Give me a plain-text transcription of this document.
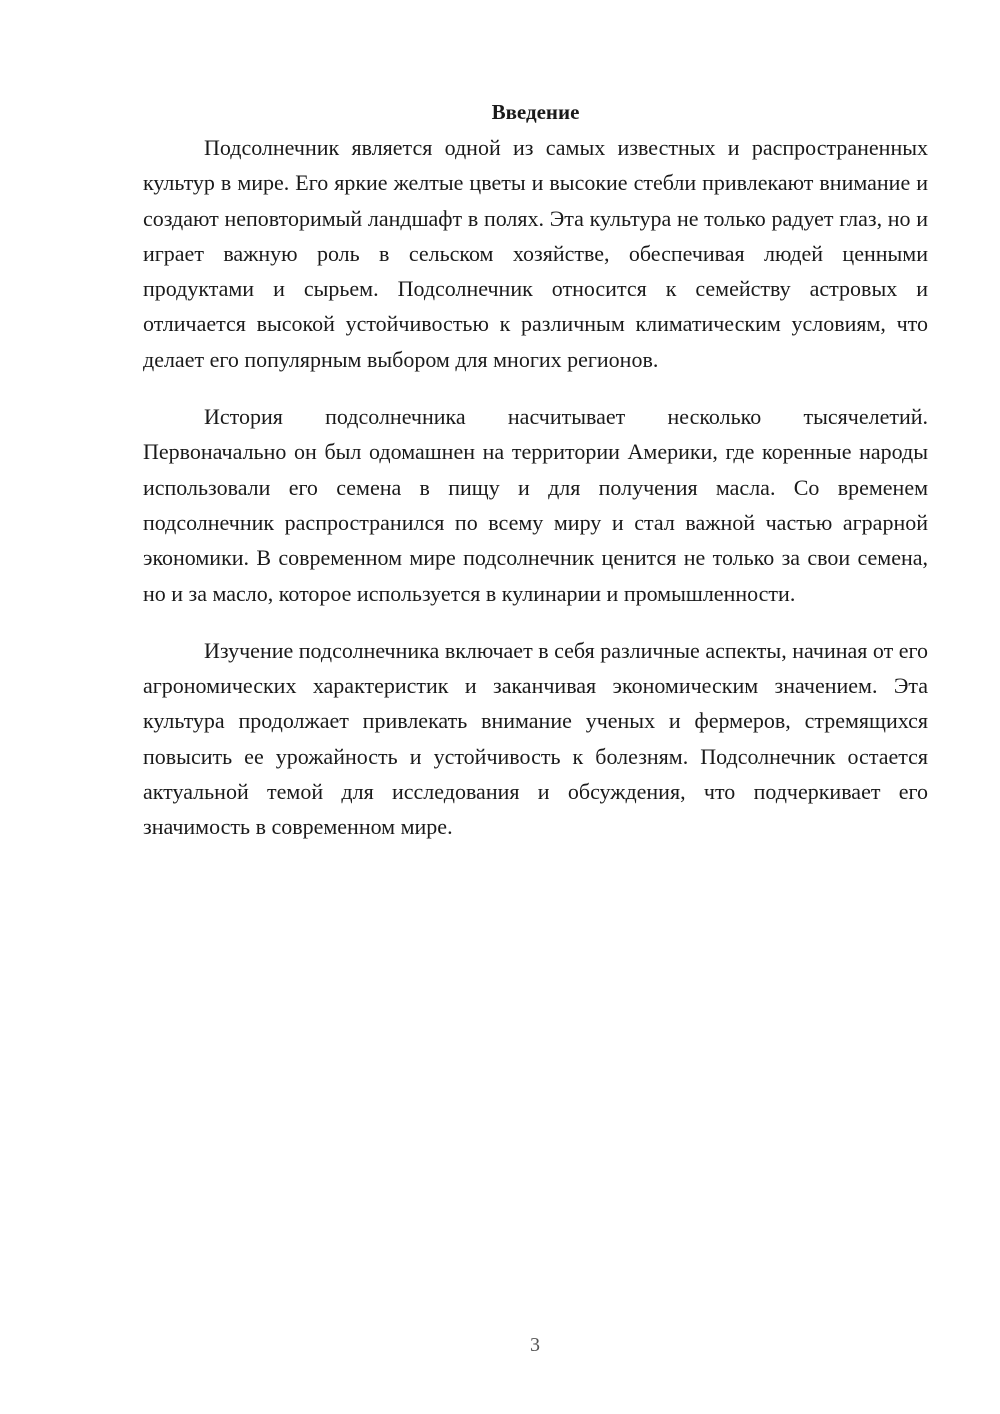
Введение

Подсолнечник является одной из самых известных и распространенных культур в мире. Его яркие желтые цветы и высокие стебли привлекают внимание и создают неповторимый ландшафт в полях. Эта культура не только радует глаз, но и играет важную роль в сельском хозяйстве, обеспечивая людей ценными продуктами и сырьем. Подсолнечник относится к семейству астровых и отличается высокой устойчивостью к различным климатическим условиям, что делает его популярным выбором для многих регионов.

История подсолнечника насчитывает несколько тысячелетий. Первоначально он был одомашнен на территории Америки, где коренные народы использовали его семена в пищу и для получения масла. Со временем подсолнечник распространился по всему миру и стал важной частью аграрной экономики. В современном мире подсолнечник ценится не только за свои семена, но и за масло, которое используется в кулинарии и промышленности.

Изучение подсолнечника включает в себя различные аспекты, начиная от его агрономических характеристик и заканчивая экономическим значением. Эта культура продолжает привлекать внимание ученых и фермеров, стремящихся повысить ее урожайность и устойчивость к болезням. Подсолнечник остается актуальной темой для исследования и обсуждения, что подчеркивает его значимость в современном мире.

3
